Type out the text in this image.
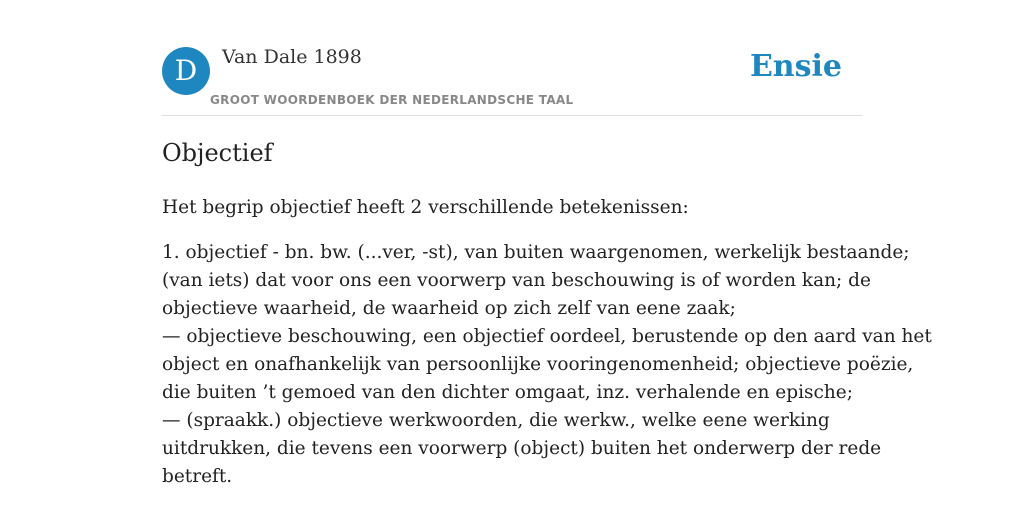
D	Van Dale 1898
GROOT WOORDENBOEK DER NEDERLANDSCHE TAAL
Ensie
Objectief

Het begrip objectief heeft 2 verschillende betekenissen:

1. objectief - bn. bw. (...ver, -st), van buiten waargenomen, werkelijk bestaande;
(van iets) dat voor ons een voorwerp van beschouwing is of worden kan; de
objectieve waarheid, de waarheid op zich zelf van eene zaak;
— objectieve beschouwing, een objectief oordeel, berustende op den aard van het
object en onafhankelijk van persoonlijke vooringenomenheid; objectieve poëzie,
die buiten ’t gemoed van den dichter omgaat, inz. verhalende en epische;
— (spraakk.) objectieve werkwoorden, die werkw., welke eene werking
uitdrukken, die tevens een voorwerp (object) buiten het onderwerp der rede
betreft.
